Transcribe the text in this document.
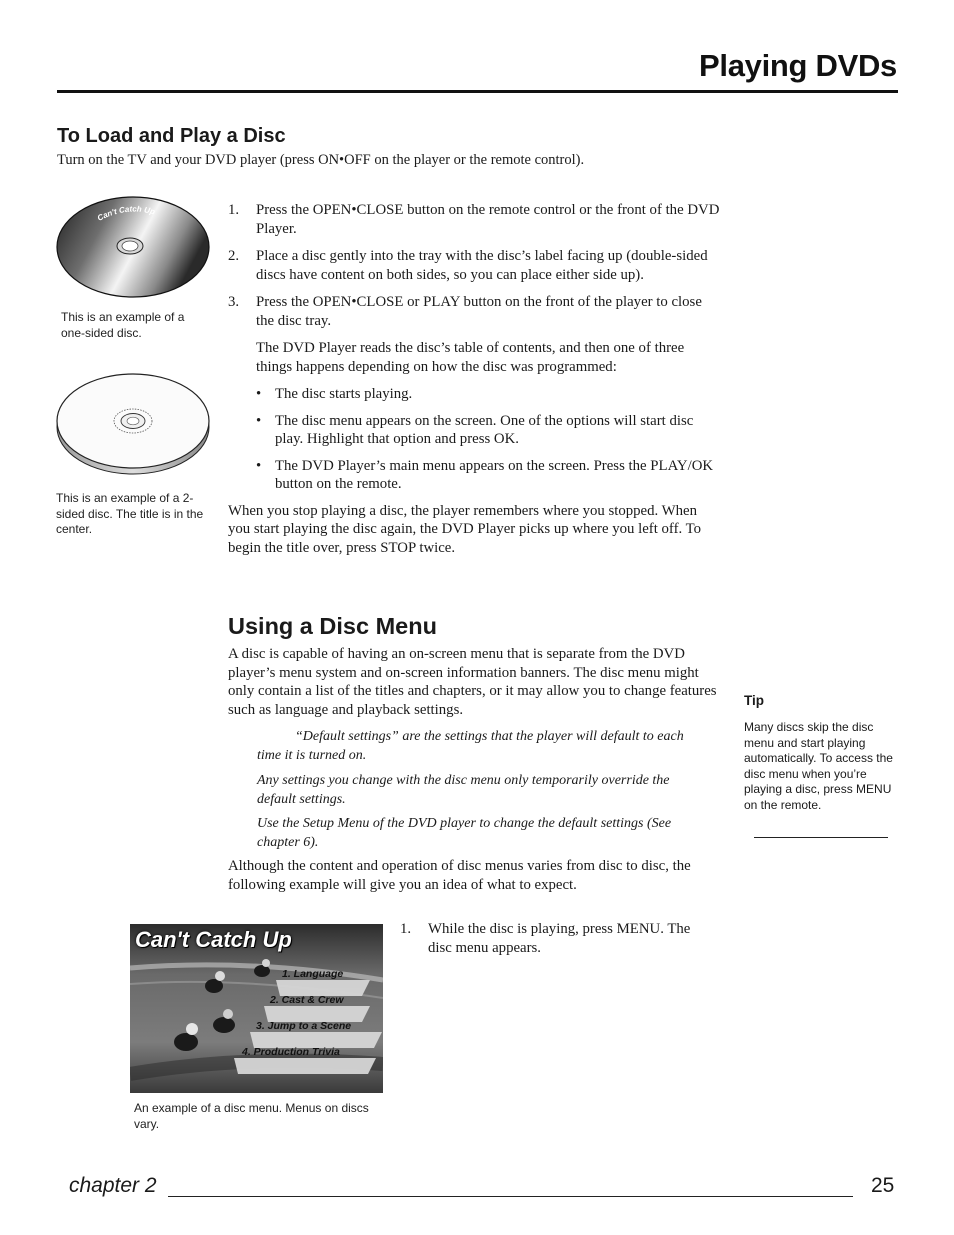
Playing DVDs
To Load and Play a Disc
Turn on the TV and your DVD player (press ON•OFF on the player or the remote control).
Can't Catch Up
This is an example of a one-sided disc.
This is an example of a 2-sided disc. The title is in the center.
1. Press the OPEN•CLOSE button on the remote control or the front of the DVD Player.
2. Place a disc gently into the tray with the disc’s label facing up (double-sided discs have content on both sides, so you can place either side up).
3. Press the OPEN•CLOSE or PLAY button on the front of the player to close the disc tray.
The DVD Player reads the disc’s table of contents, and then one of three things happens depending on how the disc was programmed:
• The disc starts playing.
• The disc menu appears on the screen. One of the options will start disc play. Highlight that option and press OK.
• The DVD Player’s main menu appears on the screen. Press the PLAY/OK button on the remote.
When you stop playing a disc, the player remembers where you stopped. When you start playing the disc again, the DVD Player picks up where you left off. To begin the title over, press STOP twice.
Using a Disc Menu
A disc is capable of having an on-screen menu that is separate from the DVD player’s menu system and on-screen information banners. The disc menu might only contain a list of the titles and chapters, or it may allow you to change features such as language and playback settings.
“Default settings” are the settings that the player will default to each time it is turned on.
Any settings you change with the disc menu only temporarily override the default settings.
Use the Setup Menu of the DVD player to change the default settings (See chapter 6).
Although the content and operation of disc menus varies from disc to disc, the following example will give you an idea of what to expect.
Tip
Many discs skip the disc menu and start playing automatically. To access the disc menu when you’re playing a disc, press MENU on the remote.
Can't Catch Up
1. Language
2. Cast & Crew
3. Jump to a Scene
4. Production Trivia
An example of a disc menu. Menus on discs vary.
1. While the disc is playing, press MENU. The disc menu appears.
chapter 2	25
